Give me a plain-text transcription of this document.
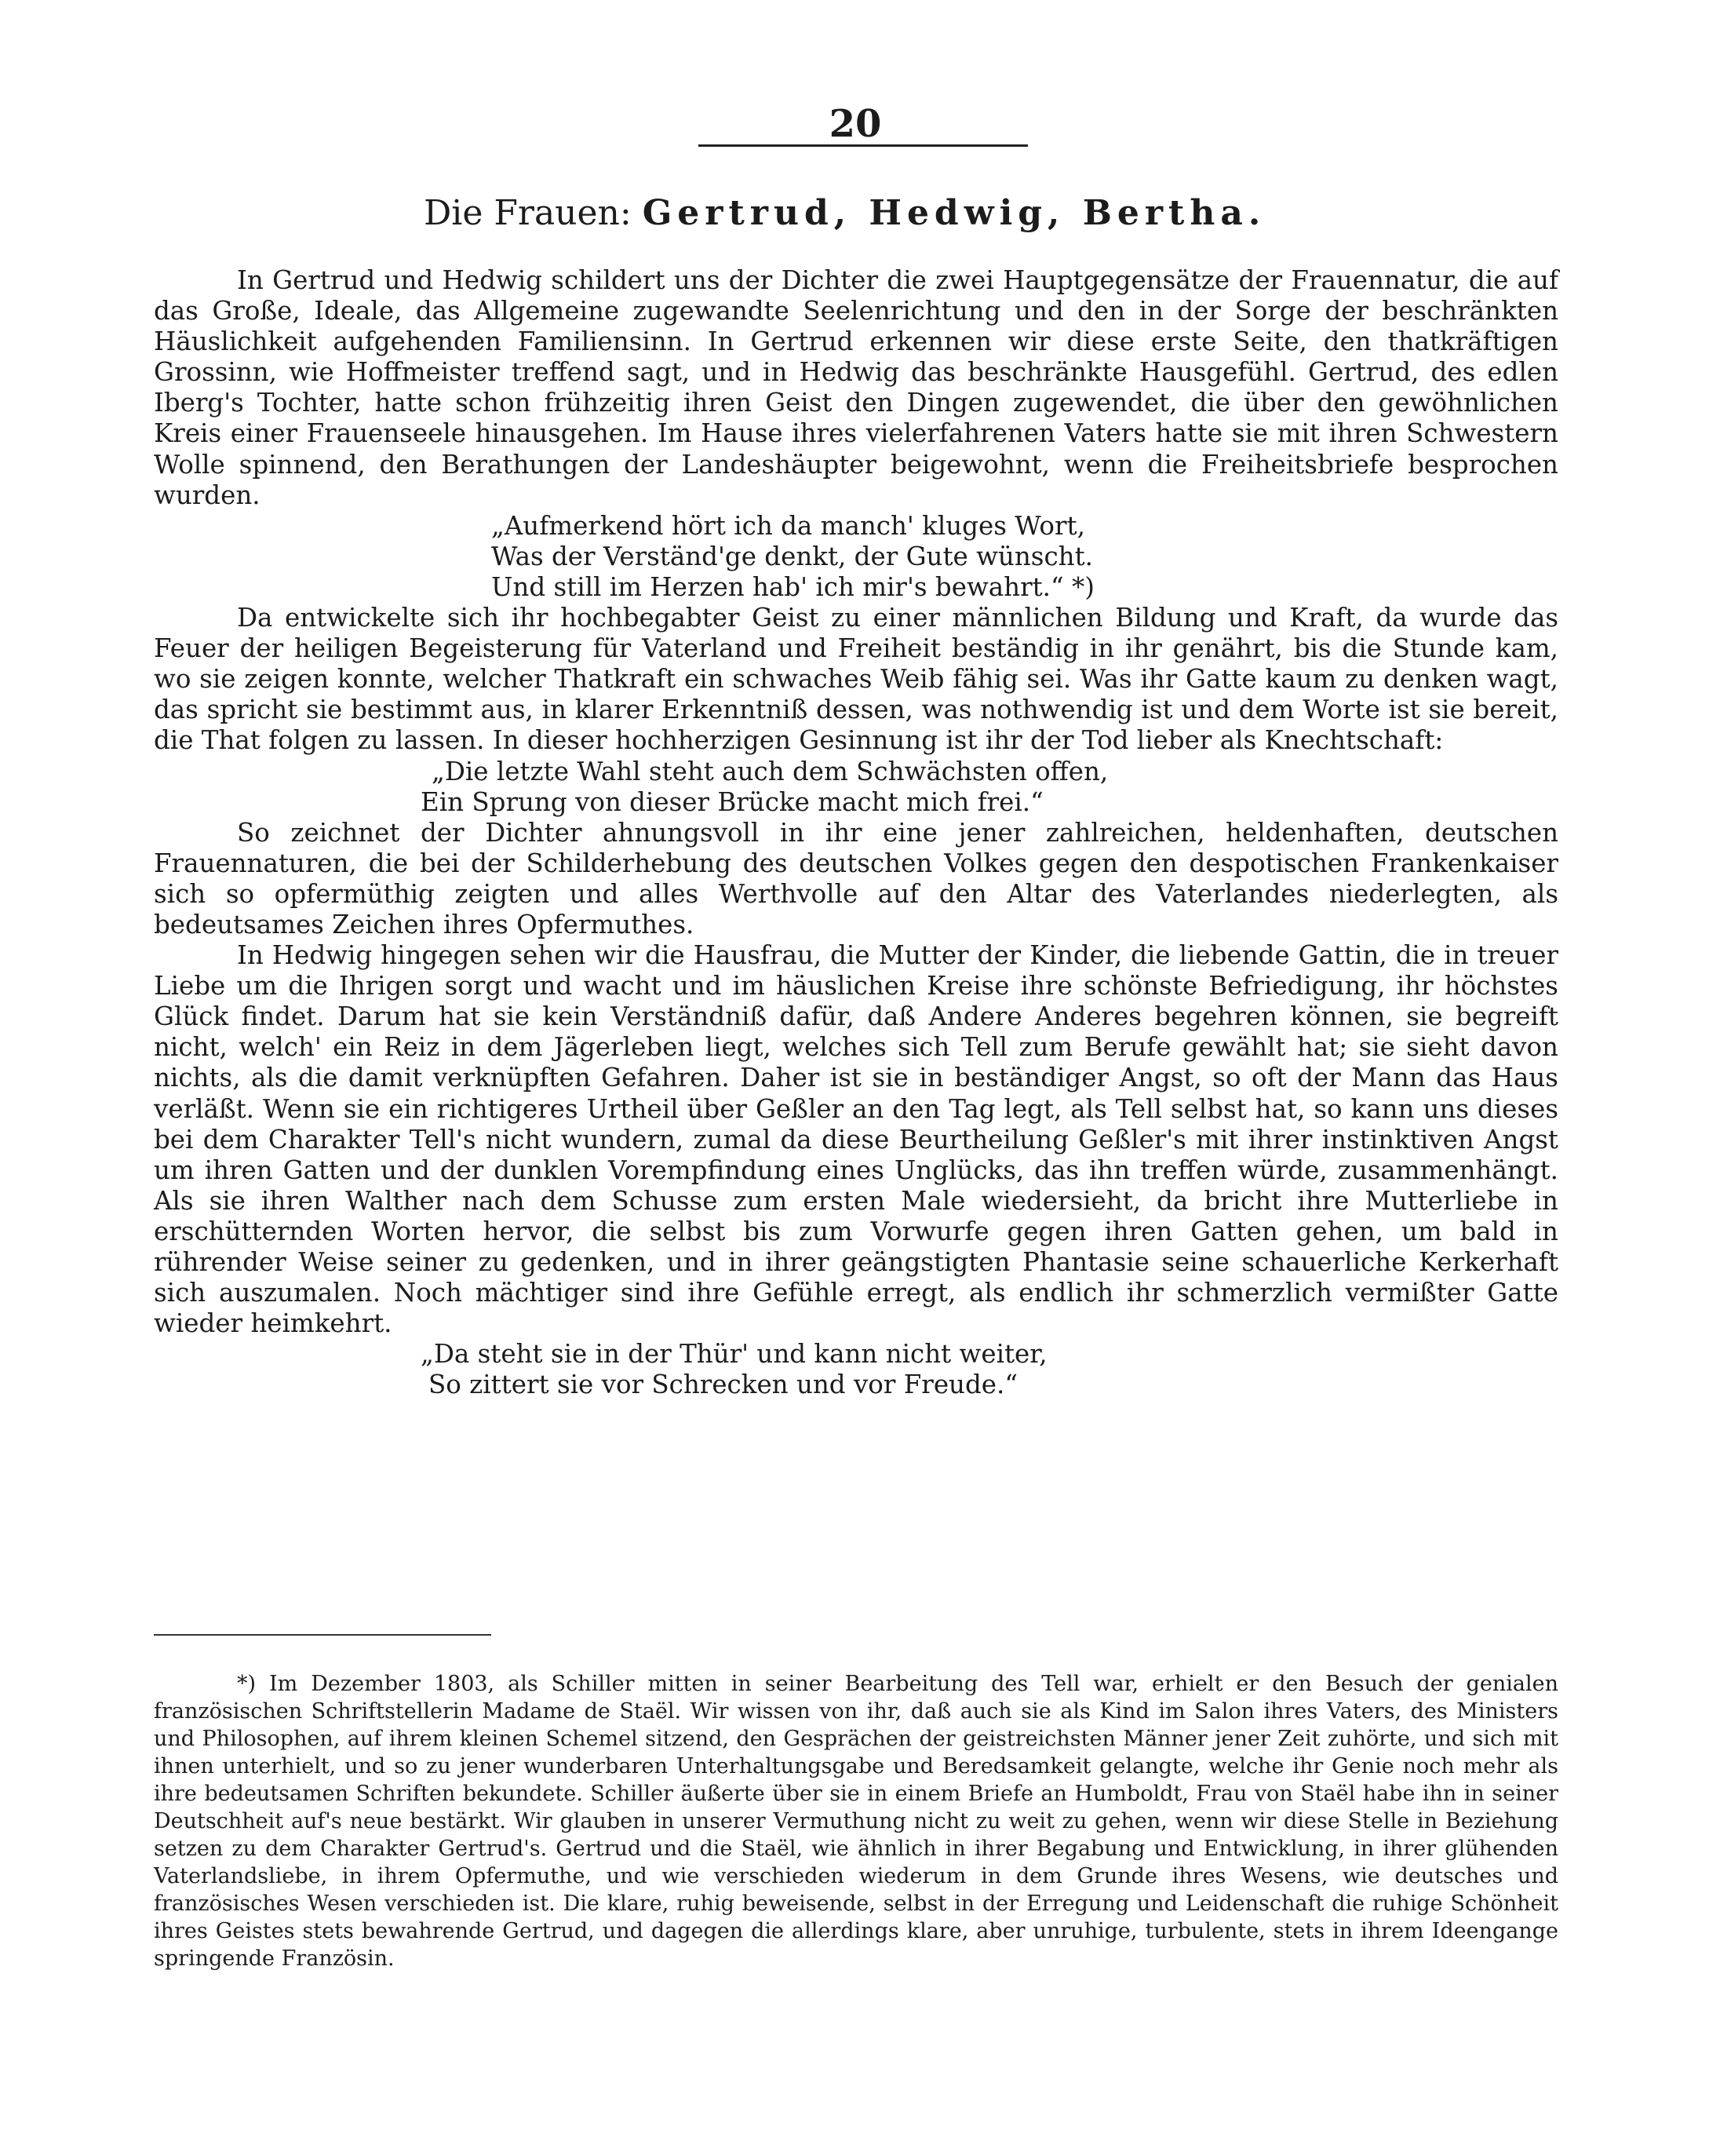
20
Die Frauen: Gertrud, Hedwig, Bertha.

In Gertrud und Hedwig schildert uns der Dichter die zwei Hauptgegensätze der Frauennatur, die auf das Große, Ideale, das Allgemeine zugewandte Seelenrichtung und den in der Sorge der beschränkten Häuslichkeit aufgehenden Familiensinn. In Gertrud erkennen wir diese erste Seite, den thatkräftigen Grossinn, wie Hoffmeister treffend sagt, und in Hedwig das beschränkte Hausgefühl. Gertrud, des edlen Iberg's Tochter, hatte schon frühzeitig ihren Geist den Dingen zugewendet, die über den gewöhnlichen Kreis einer Frauenseele hinausgehen. Im Hause ihres vielerfahrenen Vaters hatte sie mit ihren Schwestern Wolle spinnend, den Berathungen der Landeshäupter beigewohnt, wenn die Freiheitsbriefe besprochen wurden.

„Aufmerkend hört ich da manch' kluges Wort,
Was der Verständ'ge denkt, der Gute wünscht.
Und still im Herzen hab' ich mir's bewahrt.“ *)

Da entwickelte sich ihr hochbegabter Geist zu einer männlichen Bildung und Kraft, da wurde das Feuer der heiligen Begeisterung für Vaterland und Freiheit beständig in ihr genährt, bis die Stunde kam, wo sie zeigen konnte, welcher Thatkraft ein schwaches Weib fähig sei. Was ihr Gatte kaum zu denken wagt, das spricht sie bestimmt aus, in klarer Erkenntniß dessen, was nothwendig ist und dem Worte ist sie bereit, die That folgen zu lassen. In dieser hochherzigen Gesinnung ist ihr der Tod lieber als Knechtschaft:

„Die letzte Wahl steht auch dem Schwächsten offen,
Ein Sprung von dieser Brücke macht mich frei.“

So zeichnet der Dichter ahnungsvoll in ihr eine jener zahlreichen, heldenhaften, deutschen Frauennaturen, die bei der Schilderhebung des deutschen Volkes gegen den despotischen Frankenkaiser sich so opfermüthig zeigten und alles Werthvolle auf den Altar des Vaterlandes niederlegten, als bedeutsames Zeichen ihres Opfermuthes.

In Hedwig hingegen sehen wir die Hausfrau, die Mutter der Kinder, die liebende Gattin, die in treuer Liebe um die Ihrigen sorgt und wacht und im häuslichen Kreise ihre schönste Befriedigung, ihr höchstes Glück findet. Darum hat sie kein Verständniß dafür, daß Andere Anderes begehren können, sie begreift nicht, welch' ein Reiz in dem Jägerleben liegt, welches sich Tell zum Berufe gewählt hat; sie sieht davon nichts, als die damit verknüpften Gefahren. Daher ist sie in beständiger Angst, so oft der Mann das Haus verläßt. Wenn sie ein richtigeres Urtheil über Geßler an den Tag legt, als Tell selbst hat, so kann uns dieses bei dem Charakter Tell's nicht wundern, zumal da diese Beurtheilung Geßler's mit ihrer instinktiven Angst um ihren Gatten und der dunklen Vorempfindung eines Unglücks, das ihn treffen würde, zusammenhängt. Als sie ihren Walther nach dem Schusse zum ersten Male wiedersieht, da bricht ihre Mutterliebe in erschütternden Worten hervor, die selbst bis zum Vorwurfe gegen ihren Gatten gehen, um bald in rührender Weise seiner zu gedenken, und in ihrer geängstigten Phantasie seine schauerliche Kerkerhaft sich auszumalen. Noch mächtiger sind ihre Gefühle erregt, als endlich ihr schmerzlich vermißter Gatte wieder heimkehrt.

„Da steht sie in der Thür' und kann nicht weiter,
So zittert sie vor Schrecken und vor Freude.“

*) Im Dezember 1803, als Schiller mitten in seiner Bearbeitung des Tell war, erhielt er den Besuch der genialen französischen Schriftstellerin Madame de Staël. Wir wissen von ihr, daß auch sie als Kind im Salon ihres Vaters, des Ministers und Philosophen, auf ihrem kleinen Schemel sitzend, den Gesprächen der geistreichsten Männer jener Zeit zuhörte, und sich mit ihnen unterhielt, und so zu jener wunderbaren Unterhaltungsgabe und Beredsamkeit gelangte, welche ihr Genie noch mehr als ihre bedeutsamen Schriften bekundete. Schiller äußerte über sie in einem Briefe an Humboldt, Frau von Staël habe ihn in seiner Deutschheit auf's neue bestärkt. Wir glauben in unserer Vermuthung nicht zu weit zu gehen, wenn wir diese Stelle in Beziehung setzen zu dem Charakter Gertrud's. Gertrud und die Staël, wie ähnlich in ihrer Begabung und Entwicklung, in ihrer glühenden Vaterlandsliebe, in ihrem Opfermuthe, und wie verschieden wiederum in dem Grunde ihres Wesens, wie deutsches und französisches Wesen verschieden ist. Die klare, ruhig beweisende, selbst in der Erregung und Leidenschaft die ruhige Schönheit ihres Geistes stets bewahrende Gertrud, und dagegen die allerdings klare, aber unruhige, turbulente, stets in ihrem Ideengange springende Französin.
